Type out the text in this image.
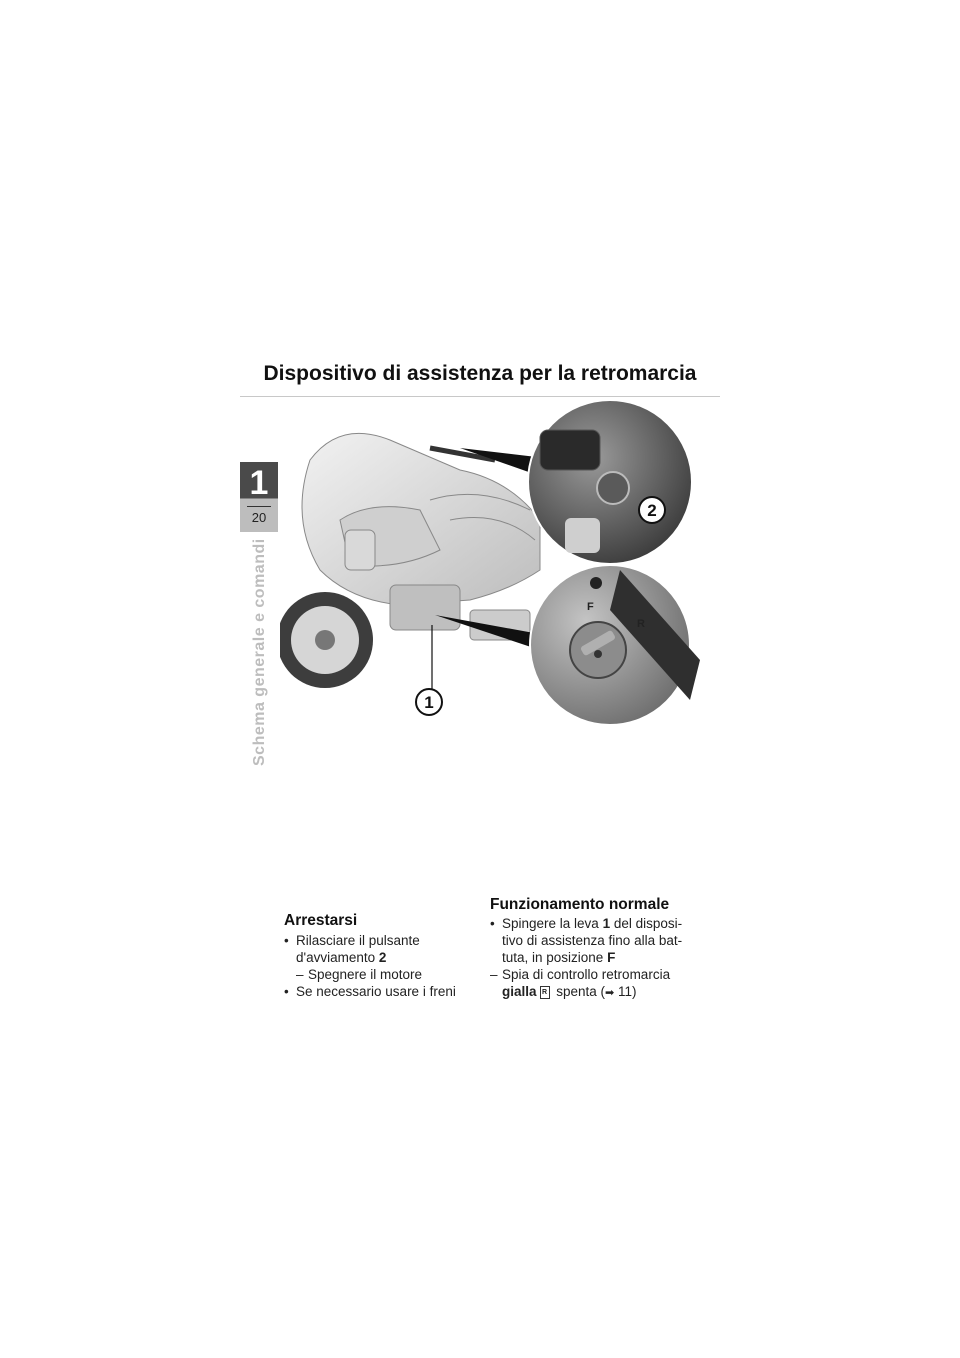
1
20
Schema generale e comandi
Dispositivo di assistenza per la retromarcia
2
F
R
1
Arrestarsi
• Rilasciare il pulsante d'avviamento 2
– Spegnere il motore
• Se necessario usare i freni
Funzionamento normale
• Spingere la leva 1 del disposi-tivo di assistenza fino alla bat-tuta, in posizione F
– Spia di controllo retromarcia gialla R spenta (➡ 11)
